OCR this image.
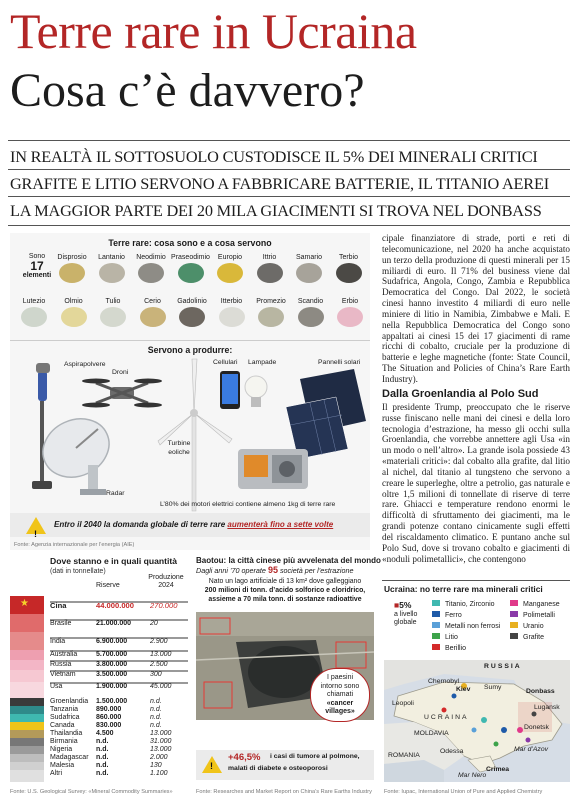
Terre rare in Ucraina
Cosa c’è davvero?
IN REALTÀ IL SOTTOSUOLO CUSTODISCE IL 5% DEI MINERALI CRITICI
GRAFITE E LITIO SERVONO A FABBRICARE BATTERIE, IL TITANIO AEREI
LA MAGGIOR PARTE DEI 20 MILA GIACIMENTI SI TROVA NEL DONBASS
Terre rare: cosa sono e a cosa servono
Sono
17
elementi
Disprosio	Lantanio	Neodimio Praseodimio	Europio	Ittrio	Samario	Terbio
Lutezio	Olmio	Tulio	Cerio	Gadolinio	Itterbio	Promezio	Scandio	Erbio
Servono a produrre:
Aspirapolvere
Droni
Cellulari Lampade	Pannelli solari
Turbine eoliche
Radar
L’80% dei motori elettrici contiene almeno 1kg di terre rare
Fonte: Agenzia internazionale per l’energia (AIE)
!
Entro il 2040 la domanda globale di terre rare aumenterà fino a sette volte

cipale finanziatore di strade, porti e reti di telecomunicazione, nel 2020 ha anche acquistato un terzo della produzione di questi minerali per 15 miliardi di euro. Il 71% del business viene dal Sudafrica, Angola, Congo, Zambia e Repubblica Democratica del Congo. Dal 2022, le società cinesi hanno investito 4 miliardi di euro nelle miniere di litio in Namibia, Zimbabwe e Mali. E nella Repubblica Democratica del Congo sono appaltati ai cinesi 15 dei 17 giacimenti di rame ricchi di cobalto, cruciale per la produzione di batterie e leghe magnetiche (fonte: State Council, The Situation and Policies of China’s Rare Earth Industry).

Dalla Groenlandia al Polo Sud

Il presidente Trump, preoccupato che le riserve russe finiscano nelle mani dei cinesi e della loro tecnologia d’estrazione, ha messo gli occhi sulla Groenlandia, che vorrebbe annettere agli Usa «in un modo o nell’altro». La grande isola possiede 43 «materiali critici»: dal cobalto alla grafite, dal litio al nichel, dal titanio al tungsteno che servono a creare le superleghe, oltre a petrolio, gas naturale e oltre 1,5 milioni di tonnellate di riserve di terre rare. Ghiacci e temperature rendono enormi le difficoltà di sfruttamento dei giacimenti, ma le grandi potenze contano cinicamente sugli effetti del riscaldamento climatico. E puntano anche sul Polo Sud, dove si trovano cobalto e giacimenti di «noduli polimetallici», che contengono

Dove stanno e in quali quantità
(dati in tonnellate)
Riserve
Produzione 2024
★	Cina	44.000.000 270.000
Brasile	21.000.000	20
India	6.900.000	2.900
Australia	5.700.000	13.000
Russia	3.800.000	2.500
Vietnam	3.500.000	300
Usa	1.900.000	45.000
Groenlandia 1.500.000	n.d.
Tanzania	890.000	n.d.
Sudafrica 860.000	n.d.
Canada	830.000	n.d.
Thailandia 4.500	13.000
Birmania	n.d.	31.000
Nigeria	n.d.	13.000
Madagascar n.d.	2.000
Malesia	n.d.	130
Altri	n.d.	1.100
Fonte: U.S. Geological Survey: «Mineral Commodity Summaries»
Baotou: la città cinese più avvelenata del mondo
Dagli anni ’70 operate 95 società per l’estrazione
Nato un lago artificiale di 13 km² dove galleggiano
200 milioni di tonn. d’acido solforico e cloridrico,
assieme a 70 mila tonn. di sostanze radioattive
I paesini
intorno sono
chiamati
«cancer
villages»
!
+46,5% i casi di tumore al polmone,
malati di diabete e osteoporosi
Fonte: Researches and Market Report on China’s Rare Earths Industry
Ucraina: no terre rare ma minerali critici
■5%
a livello
globale
Titanio, Zirconio
Ferro
Metalli non ferrosi
Litio
Berillio
Manganese
Polimetalli
Uranio
Grafite
RUSSIA
Chernobyl
Kiev Sumy
Leopoli
UCRAINA
Donbass
Lugansk
Donetsk
MOLDAVIA
Odessa	Mar d’Azov
ROMANIA
Crimea
Mar Nero
Fonte: Iupac, International Union of Pure and Applied Chemistry
